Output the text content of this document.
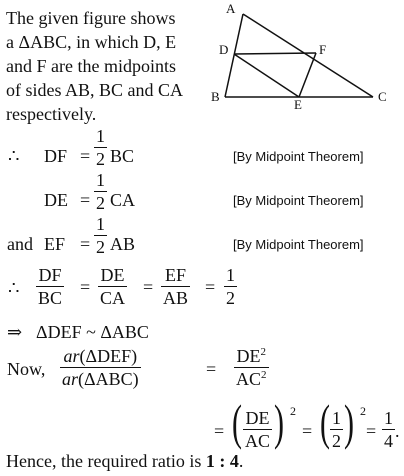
The given figure shows
a ΔABC, in which D, E
and F are the midpoints
of sides AB, BC and CA
respectively.
A
B	C
D
E
F
∴ DF =
1
2 BC	[By Midpoint Theorem]
DE =
1
2 CA	[By Midpoint Theorem]
and EF =
1
2 AB	[By Midpoint Theorem]
∴
DF
BC
=
DE
CA
=
EF
AB
=
1
2
⇒ ΔDEF ~ ΔABC
Now,
ar(ΔDEF)
ar(ΔABC)
=
$DE^2$
$AC^2$
= ( DE
AC ) 2
= ( 1
2 ) 2
=
1
4
.
Hence, the required ratio is 1 : 4.
